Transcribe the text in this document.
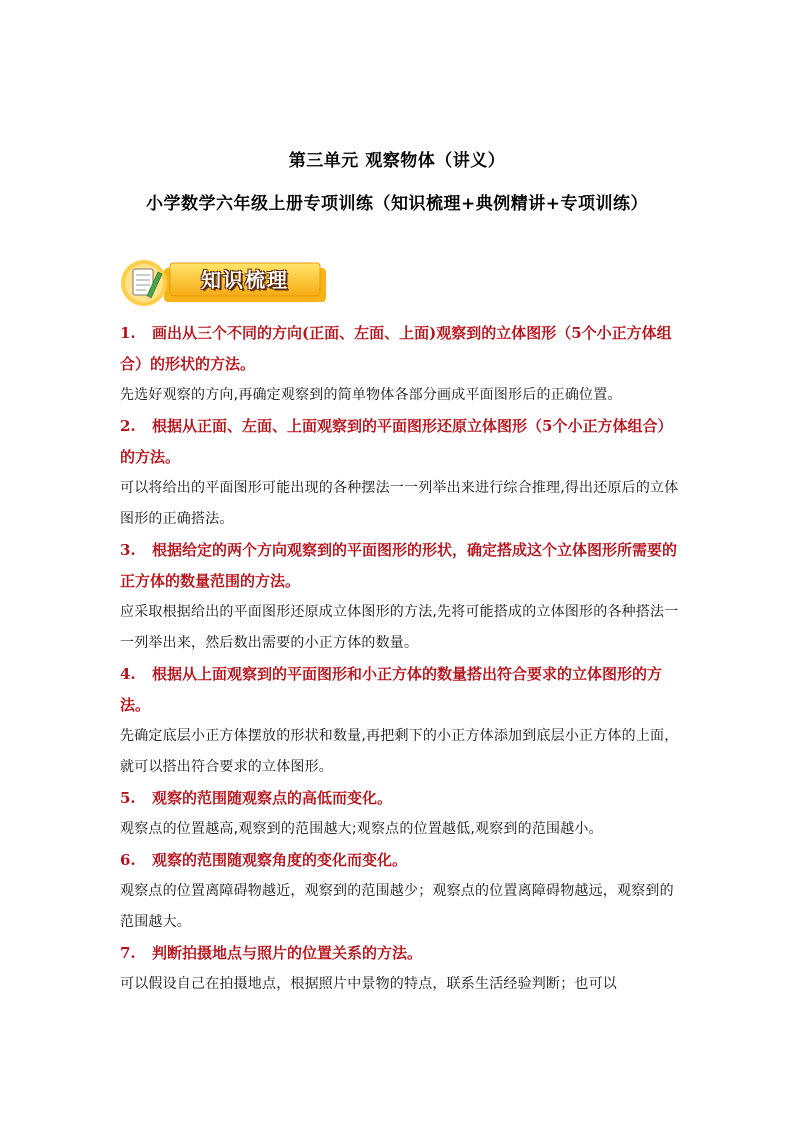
第三单元 观察物体（讲义）
小学数学六年级上册专项训练（知识梳理+典例精讲+专项训练）
知识梳理

1. 画出从三个不同的方向(正面、左面、上面)观察到的立体图形（5个小正方体组合）的形状的方法。

先选好观察的方向,再确定观察到的简单物体各部分画成平面图形后的正确位置。

2. 根据从正面、左面、上面观察到的平面图形还原立体图形（5个小正方体组合）的方法。

可以将给出的平面图形可能出现的各种摆法一一列举出来进行综合推理,得出还原后的立体图形的正确搭法。

3. 根据给定的两个方向观察到的平面图形的形状，确定搭成这个立体图形所需要的正方体的数量范围的方法。

应采取根据给出的平面图形还原成立体图形的方法,先将可能搭成的立体图形的各种搭法一一列举出来，然后数出需要的小正方体的数量。

4. 根据从上面观察到的平面图形和小正方体的数量搭出符合要求的立体图形的方法。

先确定底层小正方体摆放的形状和数量,再把剩下的小正方体添加到底层小正方体的上面，就可以搭出符合要求的立体图形。

5. 观察的范围随观察点的高低而变化。

观察点的位置越高,观察到的范围越大;观察点的位置越低,观察到的范围越小。

6. 观察的范围随观察角度的变化而变化。

观察点的位置离障碍物越近，观察到的范围越少；观察点的位置离障碍物越远，观察到的范围越大。

7. 判断拍摄地点与照片的位置关系的方法。

可以假设自己在拍摄地点，根据照片中景物的特点，联系生活经验判断；也可以
